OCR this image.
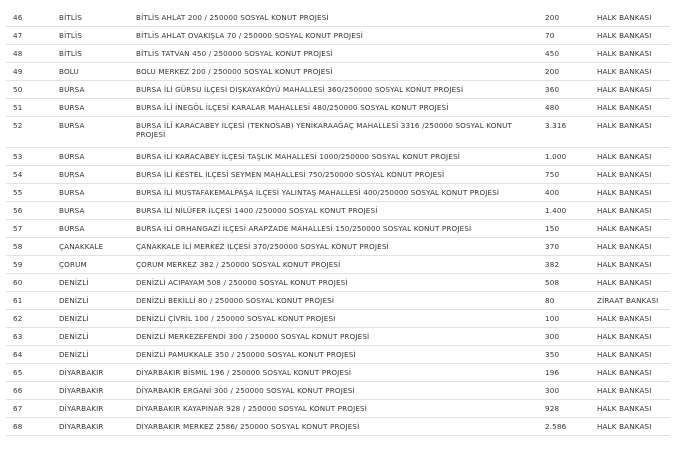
46	BİTLİS	BİTLİS AHLAT 200 / 250000 SOSYAL KONUT PROJESİ	200	HALK BANKASI
47	BİTLİS	BİTLİS AHLAT OVAKIŞLA 70 / 250000 SOSYAL KONUT PROJESİ	70	HALK BANKASI
48	BİTLİS	BİTLİS TATVAN 450 / 250000 SOSYAL KONUT PROJESİ	450	HALK BANKASI
49	BOLU	BOLU MERKEZ 200 / 250000 SOSYAL KONUT PROJESİ	200	HALK BANKASI
50	BURSA	BURSA İLİ GÜRSU İLÇESİ DIŞKAYAKÖYÜ MAHALLESİ 360/250000 SOSYAL KONUT PROJESİ	360	HALK BANKASI
51	BURSA	BURSA İLİ İNEGÖL İLÇESİ KARALAR MAHALLESİ 480/250000 SOSYAL KONUT PROJESİ	480	HALK BANKASI
52	BURSA	BURSA İLİ KARACABEY İLÇESİ (TEKNOSAB) YENİKARAAĞAÇ MAHALLESİ 3316 /250000 SOSYAL KONUT PROJESİ	3.316	HALK BANKASI
53	BURSA	BURSA İLİ KARACABEY İLÇESİ TAŞLIK MAHALLESİ 1000/250000 SOSYAL KONUT PROJESİ	1.000	HALK BANKASI
54	BURSA	BURSA İLİ KESTEL İLÇESİ SEYMEN MAHALLESİ 750/250000 SOSYAL KONUT PROJESİ	750	HALK BANKASI
55	BURSA	BURSA İLİ MUSTAFAKEMALPAŞA İLÇESİ YALINTAŞ MAHALLESİ 400/250000 SOSYAL KONUT PROJESİ	400	HALK BANKASI
56	BURSA	BURSA İLİ NİLÜFER İLÇESİ 1400 /250000 SOSYAL KONUT PROJESİ	1.400	HALK BANKASI
57	BURSA	BURSA İLİ ORHANGAZİ İLÇESİ ARAPZADE MAHALLESİ 150/250000 SOSYAL KONUT PROJESİ	150	HALK BANKASI
58	ÇANAKKALE	ÇANAKKALE İLİ MERKEZ İLÇESİ 370/250000 SOSYAL KONUT PROJESİ	370	HALK BANKASI
59	ÇORUM	ÇORUM MERKEZ 382 / 250000 SOSYAL KONUT PROJESİ	382	HALK BANKASI
60	DENİZLİ	DENİZLİ ACIPAYAM 508 / 250000 SOSYAL KONUT PROJESİ	508	HALK BANKASI
61	DENİZLİ	DENİZLİ BEKİLLİ 80 / 250000 SOSYAL KONUT PROJESİ	80	ZİRAAT BANKASI
62	DENİZLİ	DENİZLİ ÇİVRİL 100 / 250000 SOSYAL KONUT PROJESİ	100	HALK BANKASI
63	DENİZLİ	DENİZLİ MERKEZEFENDİ 300 / 250000 SOSYAL KONUT PROJESİ	300	HALK BANKASI
64	DENİZLİ	DENİZLİ PAMUKKALE 350 / 250000 SOSYAL KONUT PROJESİ	350	HALK BANKASI
65	DİYARBAKIR	DİYARBAKIR BİSMİL 196 / 250000 SOSYAL KONUT PROJESİ	196	HALK BANKASI
66	DİYARBAKIR	DİYARBAKIR ERGANİ 300 / 250000 SOSYAL KONUT PROJESİ	300	HALK BANKASI
67	DİYARBAKIR	DİYARBAKIR KAYAPINAR 928 / 250000 SOSYAL KONUT PROJESİ	928	HALK BANKASI
68	DİYARBAKIR	DİYARBAKIR MERKEZ 2586/ 250000 SOSYAL KONUT PROJESİ	2.586	HALK BANKASI
